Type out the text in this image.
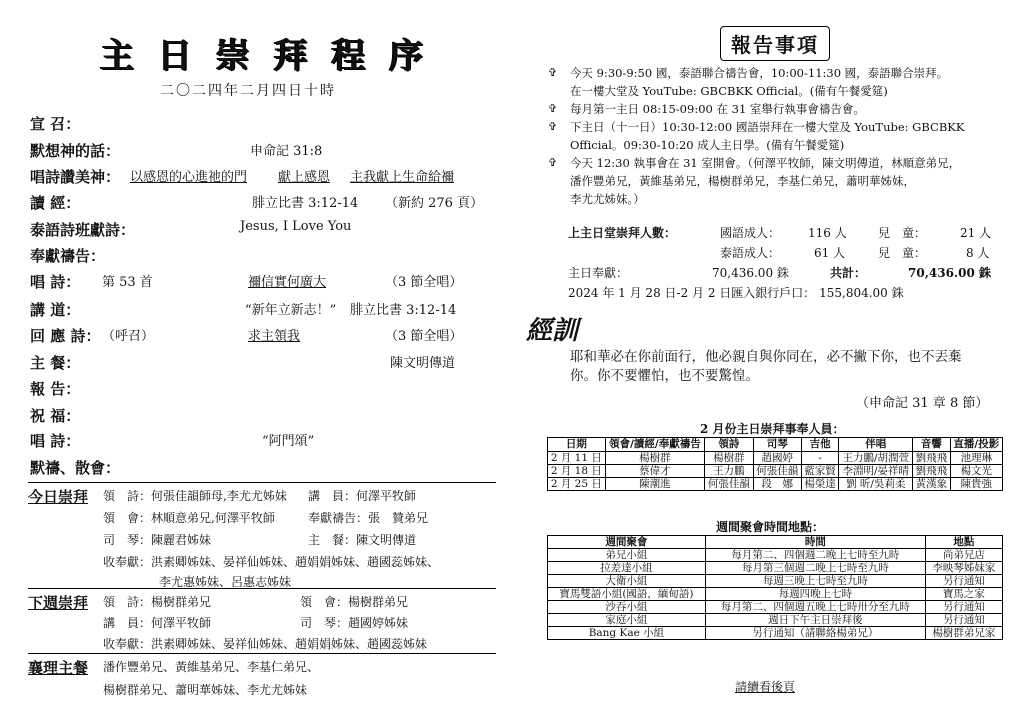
主 日 崇 拜 程 序
二〇二四年二月四日十時
宣 召：
默想神的話：	申命記 31:8
唱詩讚美神： 以感恩的心進祂的門 獻上感恩 主我獻上生命給禰
讀 經：	腓立比書 3:12-14 （新約 276 頁）
泰語詩班獻詩：	Jesus, I Love You
奉獻禱告：
唱 詩： 第 53 首	禰信實何廣大	（3 節全唱）
講 道：	“新年立新志！” 腓立比書 3:12-14
回 應 詩： （呼召）	求主領我	（3 節全唱）
主 餐：	陳文明傳道
報 告：
祝 福：
唱 詩：	“阿門頌”
默禱、散會：
今日崇拜 領　詩：何張佳韻師母,李尤尤姊妹 講　員：何澤平牧師
領　會：林順意弟兄,何澤平牧師	奉獻禱告：張　贊弟兄
司　琴：陳麗君姊妹	主　餐：陳文明傳道
收奉獻：洪素卿姊妹、晏祥仙姊妹、趙娟娟姊妹、趙國蕊姊妹、
李尤惠姊妹、呂惠志姊妹
下週崇拜 領　詩：楊樹群弟兄	領　會：楊樹群弟兄
講　員：何澤平牧師	司　琴：趙國婷姊妹
收奉獻：洪素卿姊妹、晏祥仙姊妹、趙娟娟姊妹、趙國蕊姊妹
襄理主餐 潘作豐弟兄、黃維基弟兄、李基仁弟兄、
楊樹群弟兄、蕭明華姊妹、李尤尤姊妹
報告事項
✞ 今天 9:30-9:50 國，泰語聯合禱告會，10:00-11:30 國，泰語聯合崇拜。
在一樓大堂及 YouTube: GBCBKK Official。(備有午餐愛筵)
✞ 每月第一主日 08:15-09:00 在 31 室舉行執事會禱告會。
✞ 下主日（十一日）10:30-12:00 國語崇拜在一樓大堂及 YouTube: GBCBKK
Official。09:30-10:20 成人主日學。(備有午餐愛筵)
✞ 今天 12:30 執事會在 31 室開會。（何澤平牧師，陳文明傳道，林順意弟兄，
潘作豐弟兄，黃維基弟兄，楊樹群弟兄，李基仁弟兄，蕭明華姊妹，
李尤尤姊妹。）
上主日堂崇拜人數：	國語成人： 116 人	兒　童：	21 人
泰語成人：	61 人	兒　童：	8 人
主日奉獻：	70,436.00 銖	共計：	70,436.00 銖
2024 年 1 月 28 日-2 月 2 日匯入銀行戶口： 155,804.00 銖
經訓
耶和華必在你前面行，他必親自與你同在，必不撇下你，也不丟棄
你。你不要懼怕，也不要驚惶。
（申命記 31 章 8 節）
2 月份主日崇拜事奉人員：
日期	領會/讀經/奉獻禱告	領詩	司琴	吉他	伴唱	音響	直播/投影
2 月 11 日	楊樹群	楊樹群	趙國婷	-	王力鵬/胡潤萱	劉飛飛	池理琳
2 月 18 日	蔡偉才	王力鵬	何張佳韻	藍家賢	李淵明/晏祥晴	劉飛飛	楊文光
2 月 25 日	陳潮進	何張佳韻	段　娜	楊榮達	劉 昕/吳莉柔	黃漢象	陳貴強
週間聚會時間地點：
週間聚會	時間	地點
弟兄小組	每月第二、四個週二晚上七時至九時	尚弟兄店
拉差達小組	每月第三個週二晚上七時至九時	李映琴姊妹家
大衛小組	每週三晚上七時至九時	另行通知
寶馬雙語小組(國語，緬甸語)	每週四晚上七時	寶馬之家
沙吞小組	每月第二、四個週五晚上七時卅分至九時	另行通知
家庭小組	週日下午主日崇拜後	另行通知
Bang Kae 小組	另行通知（請聯絡楊弟兄）	楊樹群弟兄家
請續看後頁
